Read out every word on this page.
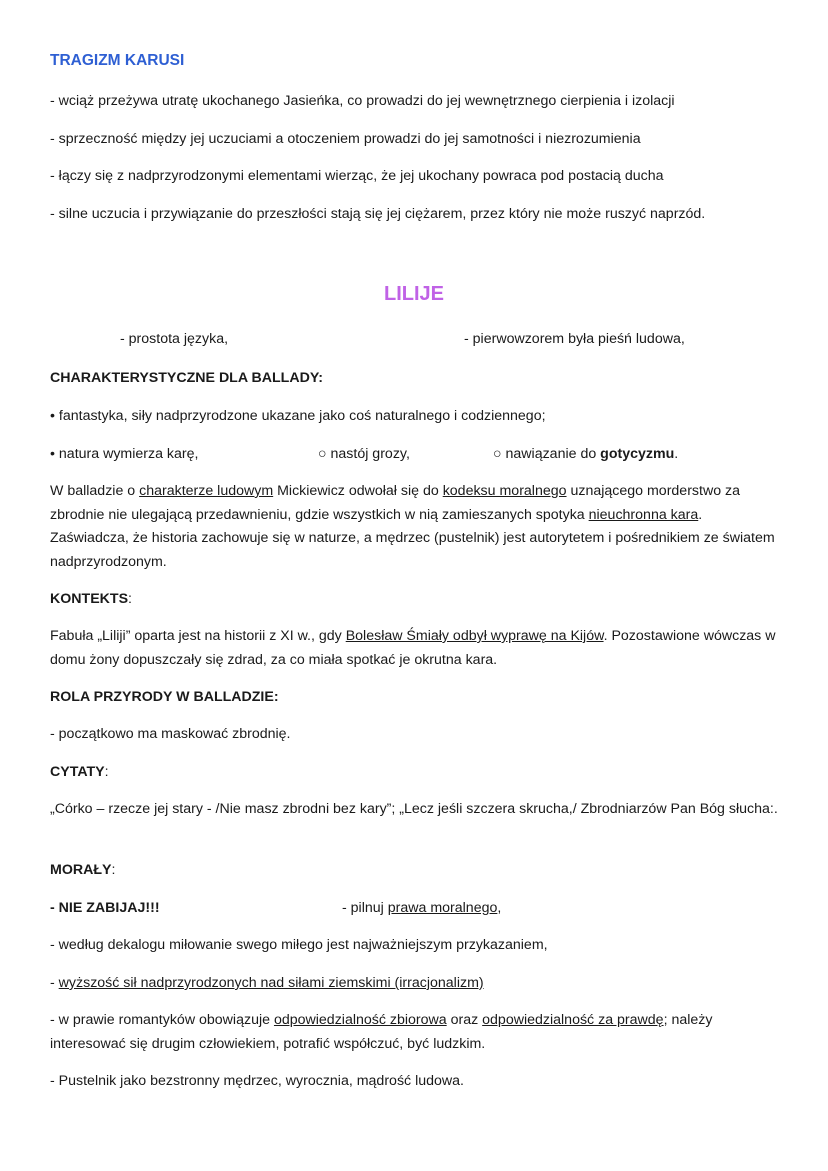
TRAGIZM KARUSI
- wciąż przeżywa utratę ukochanego Jasieńka, co prowadzi do jej wewnętrznego cierpienia i izolacji
- sprzeczność między jej uczuciami a otoczeniem prowadzi do jej samotności i niezrozumienia
- łączy się z nadprzyrodzonymi elementami wierząc, że jej ukochany powraca pod postacią ducha
- silne uczucia i przywiązanie do przeszłości stają się jej ciężarem, przez który nie może ruszyć naprzód.
LILIJE
- prostota języka,	- pierwowzorem była pieśń ludowa,
CHARAKTERYSTYCZNE DLA BALLADY:
• fantastyka, siły nadprzyrodzone ukazane jako coś naturalnego i codziennego;
• natura wymierza karę,	○ nastój grozy,	○ nawiązanie do gotycyzmu.
W balladzie o charakterze ludowym Mickiewicz odwołał się do kodeksu moralnego uznającego morderstwo za zbrodnie nie ulegającą przedawnieniu, gdzie wszystkich w nią zamieszanych spotyka nieuchronna kara. Zaświadcza, że historia zachowuje się w naturze, a mędrzec (pustelnik) jest autorytetem i pośrednikiem ze światem nadprzyrodzonym.
KONTEKTS:
Fabuła „Liliji” oparta jest na historii z XI w., gdy Bolesław Śmiały odbył wyprawę na Kijów. Pozostawione wówczas w domu żony dopuszczały się zdrad, za co miała spotkać je okrutna kara.
ROLA PRZYRODY W BALLADZIE:
- początkowo ma maskować zbrodnię.
CYTATY:
„Córko – rzecze jej stary - /Nie masz zbrodni bez kary”; „Lecz jeśli szczera skrucha,/ Zbrodniarzów Pan Bóg słucha:.
MORAŁY:
- NIE ZABIJAJ!!!	- pilnuj prawa moralnego,
- według dekalogu miłowanie swego miłego jest najważniejszym przykazaniem,
- wyższość sił nadprzyrodzonych nad siłami ziemskimi (irracjonalizm)
- w prawie romantyków obowiązuje odpowiedzialność zbiorowa oraz odpowiedzialność za prawdę; należy interesować się drugim człowiekiem, potrafić współczuć, być ludzkim.
- Pustelnik jako bezstronny mędrzec, wyrocznia, mądrość ludowa.
